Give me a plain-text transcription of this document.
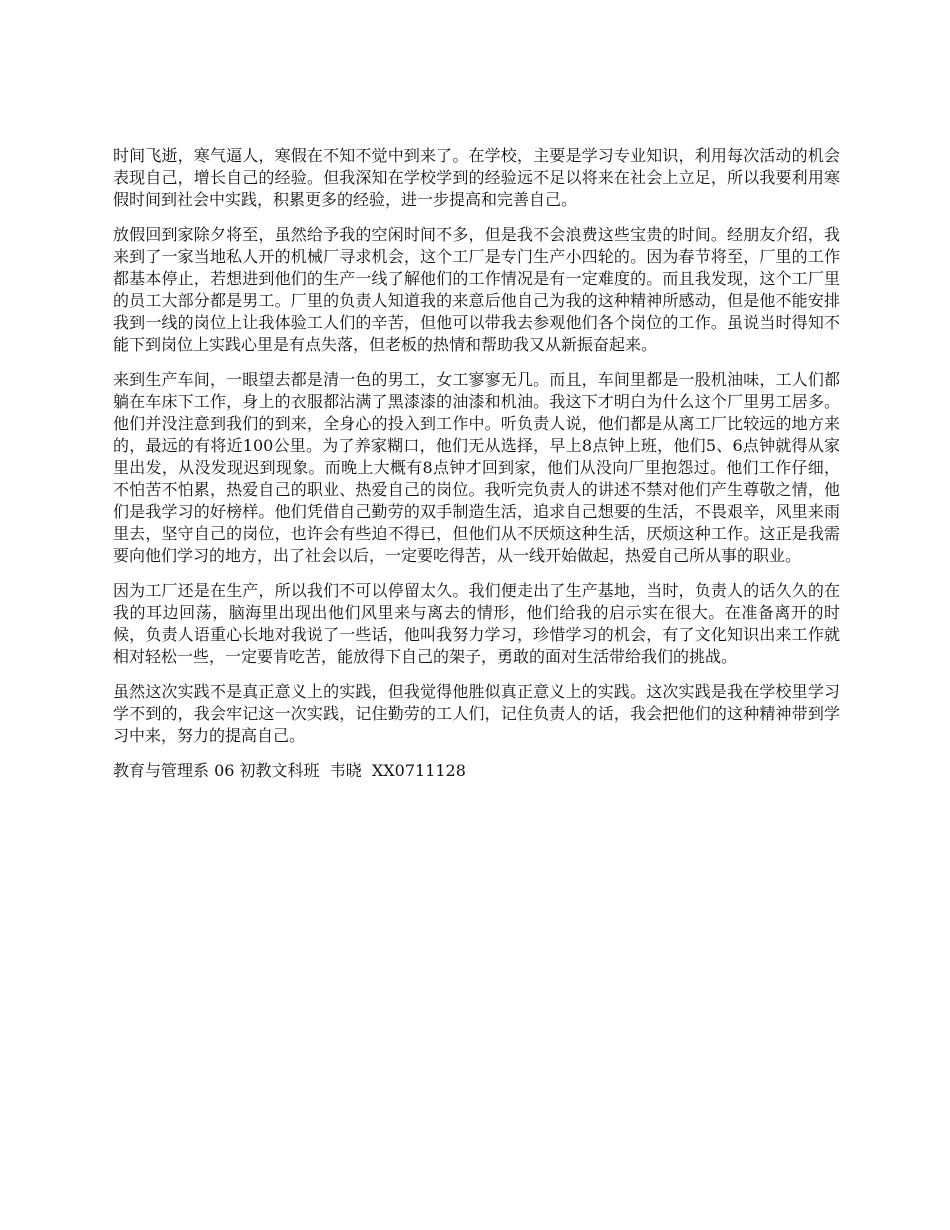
时间飞逝，寒气逼人，寒假在不知不觉中到来了。在学校，主要是学习专业知识，利用每次活动的机会表现自己，增长自己的经验。但我深知在学校学到的经验远不足以将来在社会上立足，所以我要利用寒假时间到社会中实践，积累更多的经验，进一步提高和完善自己。

放假回到家除夕将至，虽然给予我的空闲时间不多，但是我不会浪费这些宝贵的时间。经朋友介绍，我来到了一家当地私人开的机械厂寻求机会，这个工厂是专门生产小四轮的。因为春节将至，厂里的工作都基本停止，若想进到他们的生产一线了解他们的工作情况是有一定难度的。而且我发现，这个工厂里的员工大部分都是男工。厂里的负责人知道我的来意后他自己为我的这种精神所感动，但是他不能安排我到一线的岗位上让我体验工人们的辛苦，但他可以带我去参观他们各个岗位的工作。虽说当时得知不能下到岗位上实践心里是有点失落，但老板的热情和帮助我又从新振奋起来。

来到生产车间，一眼望去都是清一色的男工，女工寥寥无几。而且，车间里都是一股机油味，工人们都躺在车床下工作，身上的衣服都沾满了黑漆漆的油漆和机油。我这下才明白为什么这个厂里男工居多。他们并没注意到我们的到来，全身心的投入到工作中。听负责人说，他们都是从离工厂比较远的地方来的，最远的有将近100公里。为了养家糊口，他们无从选择，早上8点钟上班，他们5、6点钟就得从家里出发，从没发现迟到现象。而晚上大概有8点钟才回到家，他们从没向厂里抱怨过。他们工作仔细，不怕苦不怕累，热爱自己的职业、热爱自己的岗位。我听完负责人的讲述不禁对他们产生尊敬之情，他们是我学习的好榜样。他们凭借自己勤劳的双手制造生活，追求自己想要的生活，不畏艰辛，风里来雨里去，坚守自己的岗位，也许会有些迫不得已，但他们从不厌烦这种生活，厌烦这种工作。这正是我需要向他们学习的地方，出了社会以后，一定要吃得苦，从一线开始做起，热爱自己所从事的职业。

因为工厂还是在生产，所以我们不可以停留太久。我们便走出了生产基地，当时，负责人的话久久的在我的耳边回荡，脑海里出现出他们风里来与离去的情形，他们给我的启示实在很大。在准备离开的时候，负责人语重心长地对我说了一些话，他叫我努力学习，珍惜学习的机会，有了文化知识出来工作就相对轻松一些，一定要肯吃苦，能放得下自己的架子，勇敢的面对生活带给我们的挑战。

虽然这次实践不是真正意义上的实践，但我觉得他胜似真正意义上的实践。这次实践是我在学校里学习学不到的，我会牢记这一次实践，记住勤劳的工人们，记住负责人的话，我会把他们的这种精神带到学习中来，努力的提高自己。

教育与管理系 06 初教文科班  韦晓  XX0711128
